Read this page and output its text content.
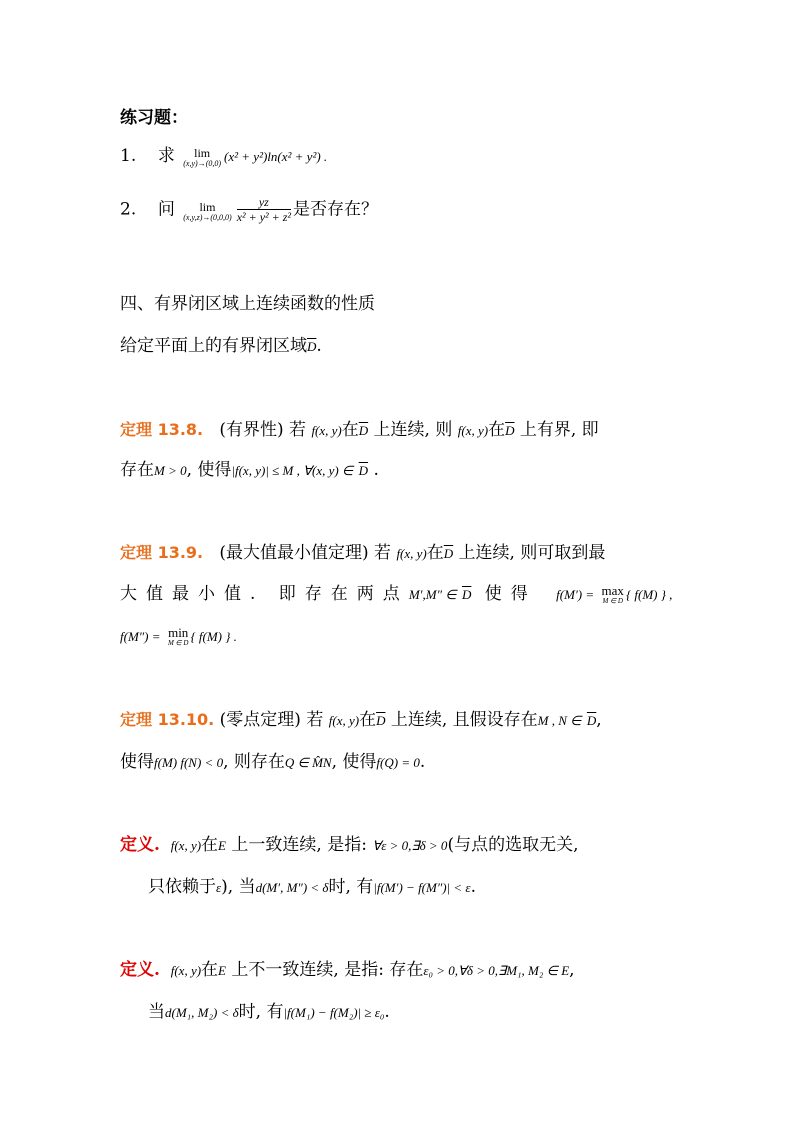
练习题：
1. 求	lim
(x,y)→(0,0) (x² + y²)ln(x² + y²) .
2. 问	lim
$(x,y,z)\to(0,0,0) \frac{yz}{\text{x² + y² + z²}}$ 是否存在？
四、有界闭区域上连续函数的性质
给定平面上的有界闭区域$\overline{D}$.
定理 13.8. (有界性) 若 f(x, y)在$\overline{D}$ 上连续, 则 f(x, y)在$\overline{D}$ 上有界, 即
存在M > 0, 使得|f(x, y)| ≤ M , ∀(x, y) ∈ $\overline{D}$ .
定理 13.9. (最大值最小值定理) 若 f(x, y)在$\overline{D}$ 上连续, 则可取到最
大值最小值. 即存在两点M′,M″ ∈ $\overline{D}$ 使得 f(M′) = max
M ∈ D { f(M) } ,
f(M″) = min
M ∈ D { f(M) } .
定理 13.10. (零点定理) 若 f(x, y)在$\overline{D}$ 上连续, 且假设存在M , N ∈ $\overline{D}$,
使得f(M) f(N) < 0, 则存在Q ∈ M̂N, 使得f(Q) = 0.
定义. f(x, y)在E 上一致连续, 是指: ∀ε > 0,∃δ > 0(与点的选取无关,
只依赖于ε), 当d(M′, M″) < δ时, 有|f(M′) − f(M″)| < ε.
定义. f(x, y)在E 上不一致连续, 是指: 存在ε₀ > 0,∀δ > 0,∃M₁, M₂ ∈ E,
当d(M₁, M₂) < δ时, 有|f(M₁) − f(M₂)| ≥ ε₀.
